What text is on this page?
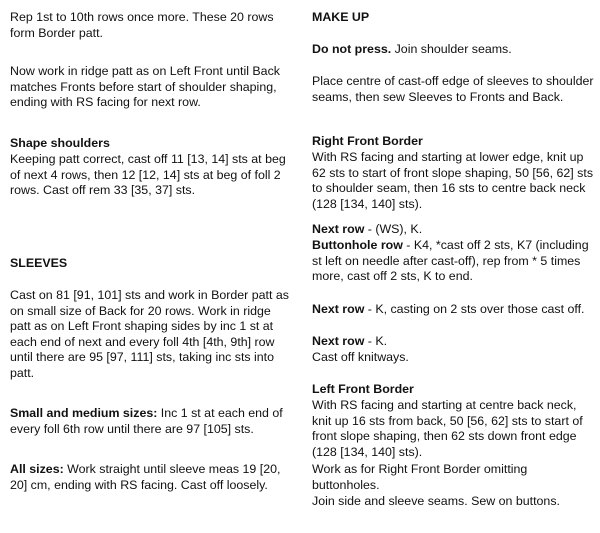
Rep 1st to 10th rows once more. These 20 rows form Border patt.

Now work in ridge patt as on Left Front until Back matches Fronts before start of shoulder shaping, ending with RS facing for next row.

Shape shoulders

Keeping patt correct, cast off 11 [13, 14] sts at beg of next 4 rows, then 12 [12, 14] sts at beg of foll 2 rows. Cast off rem 33 [35, 37] sts.

SLEEVES

Cast on 81 [91, 101] sts and work in Border patt as on small size of Back for 20 rows. Work in ridge patt as on Left Front shaping sides by inc 1 st at each end of next and every foll 4th [4th, 9th] row until there are 95 [97, 111] sts, taking inc sts into patt.

Small and medium sizes: Inc 1 st at each end of every foll 6th row until there are 97 [105] sts.

All sizes: Work straight until sleeve meas 19 [20, 20] cm, ending with RS facing. Cast off loosely.

MAKE UP

Do not press. Join shoulder seams.

Place centre of cast-off edge of sleeves to shoulder seams, then sew Sleeves to Fronts and Back.

Right Front Border

With RS facing and starting at lower edge, knit up 62 sts to start of front slope shaping, 50 [56, 62] sts to shoulder seam, then 16 sts to centre back neck (128 [134, 140] sts).

Next row - (WS), K.

Buttonhole row - K4, *cast off 2 sts, K7 (including st left on needle after cast-off), rep from * 5 times more, cast off 2 sts, K to end.

Next row - K, casting on 2 sts over those cast off.

Next row - K.

Cast off knitways.

Left Front Border

With RS facing and starting at centre back neck, knit up 16 sts from back, 50 [56, 62] sts to start of front slope shaping, then 62 sts down front edge (128 [134, 140] sts).

Work as for Right Front Border omitting buttonholes.

Join side and sleeve seams. Sew on buttons.
